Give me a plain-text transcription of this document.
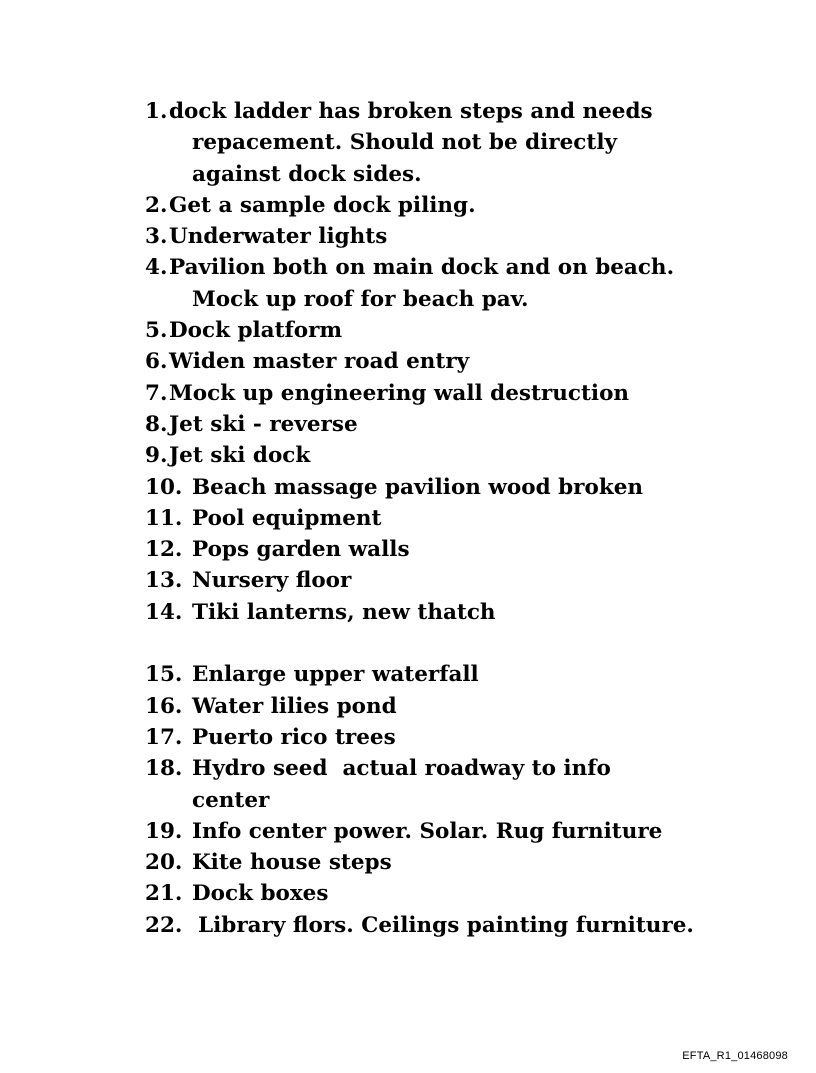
1.dock ladder has broken steps and needs
repacement. Should not be directly
against dock sides.
2.Get a sample dock piling.
3.Underwater lights
4.Pavilion both on main dock and on beach.
Mock up roof for beach pav.
5.Dock platform
6.Widen master road entry
7.Mock up engineering wall destruction
8.Jet ski - reverse
9.Jet ski dock
10. Beach massage pavilion wood broken
11. Pool equipment
12. Pops garden walls
13. Nursery floor
14. Tiki lanterns, new thatch
15. Enlarge upper waterfall
16. Water lilies pond
17. Puerto rico trees
18. Hydro seed  actual roadway to info
center
19. Info center power. Solar. Rug furniture
20. Kite house steps
21. Dock boxes
22. Library flors. Ceilings painting furniture.
EFTA_R1_01468098
